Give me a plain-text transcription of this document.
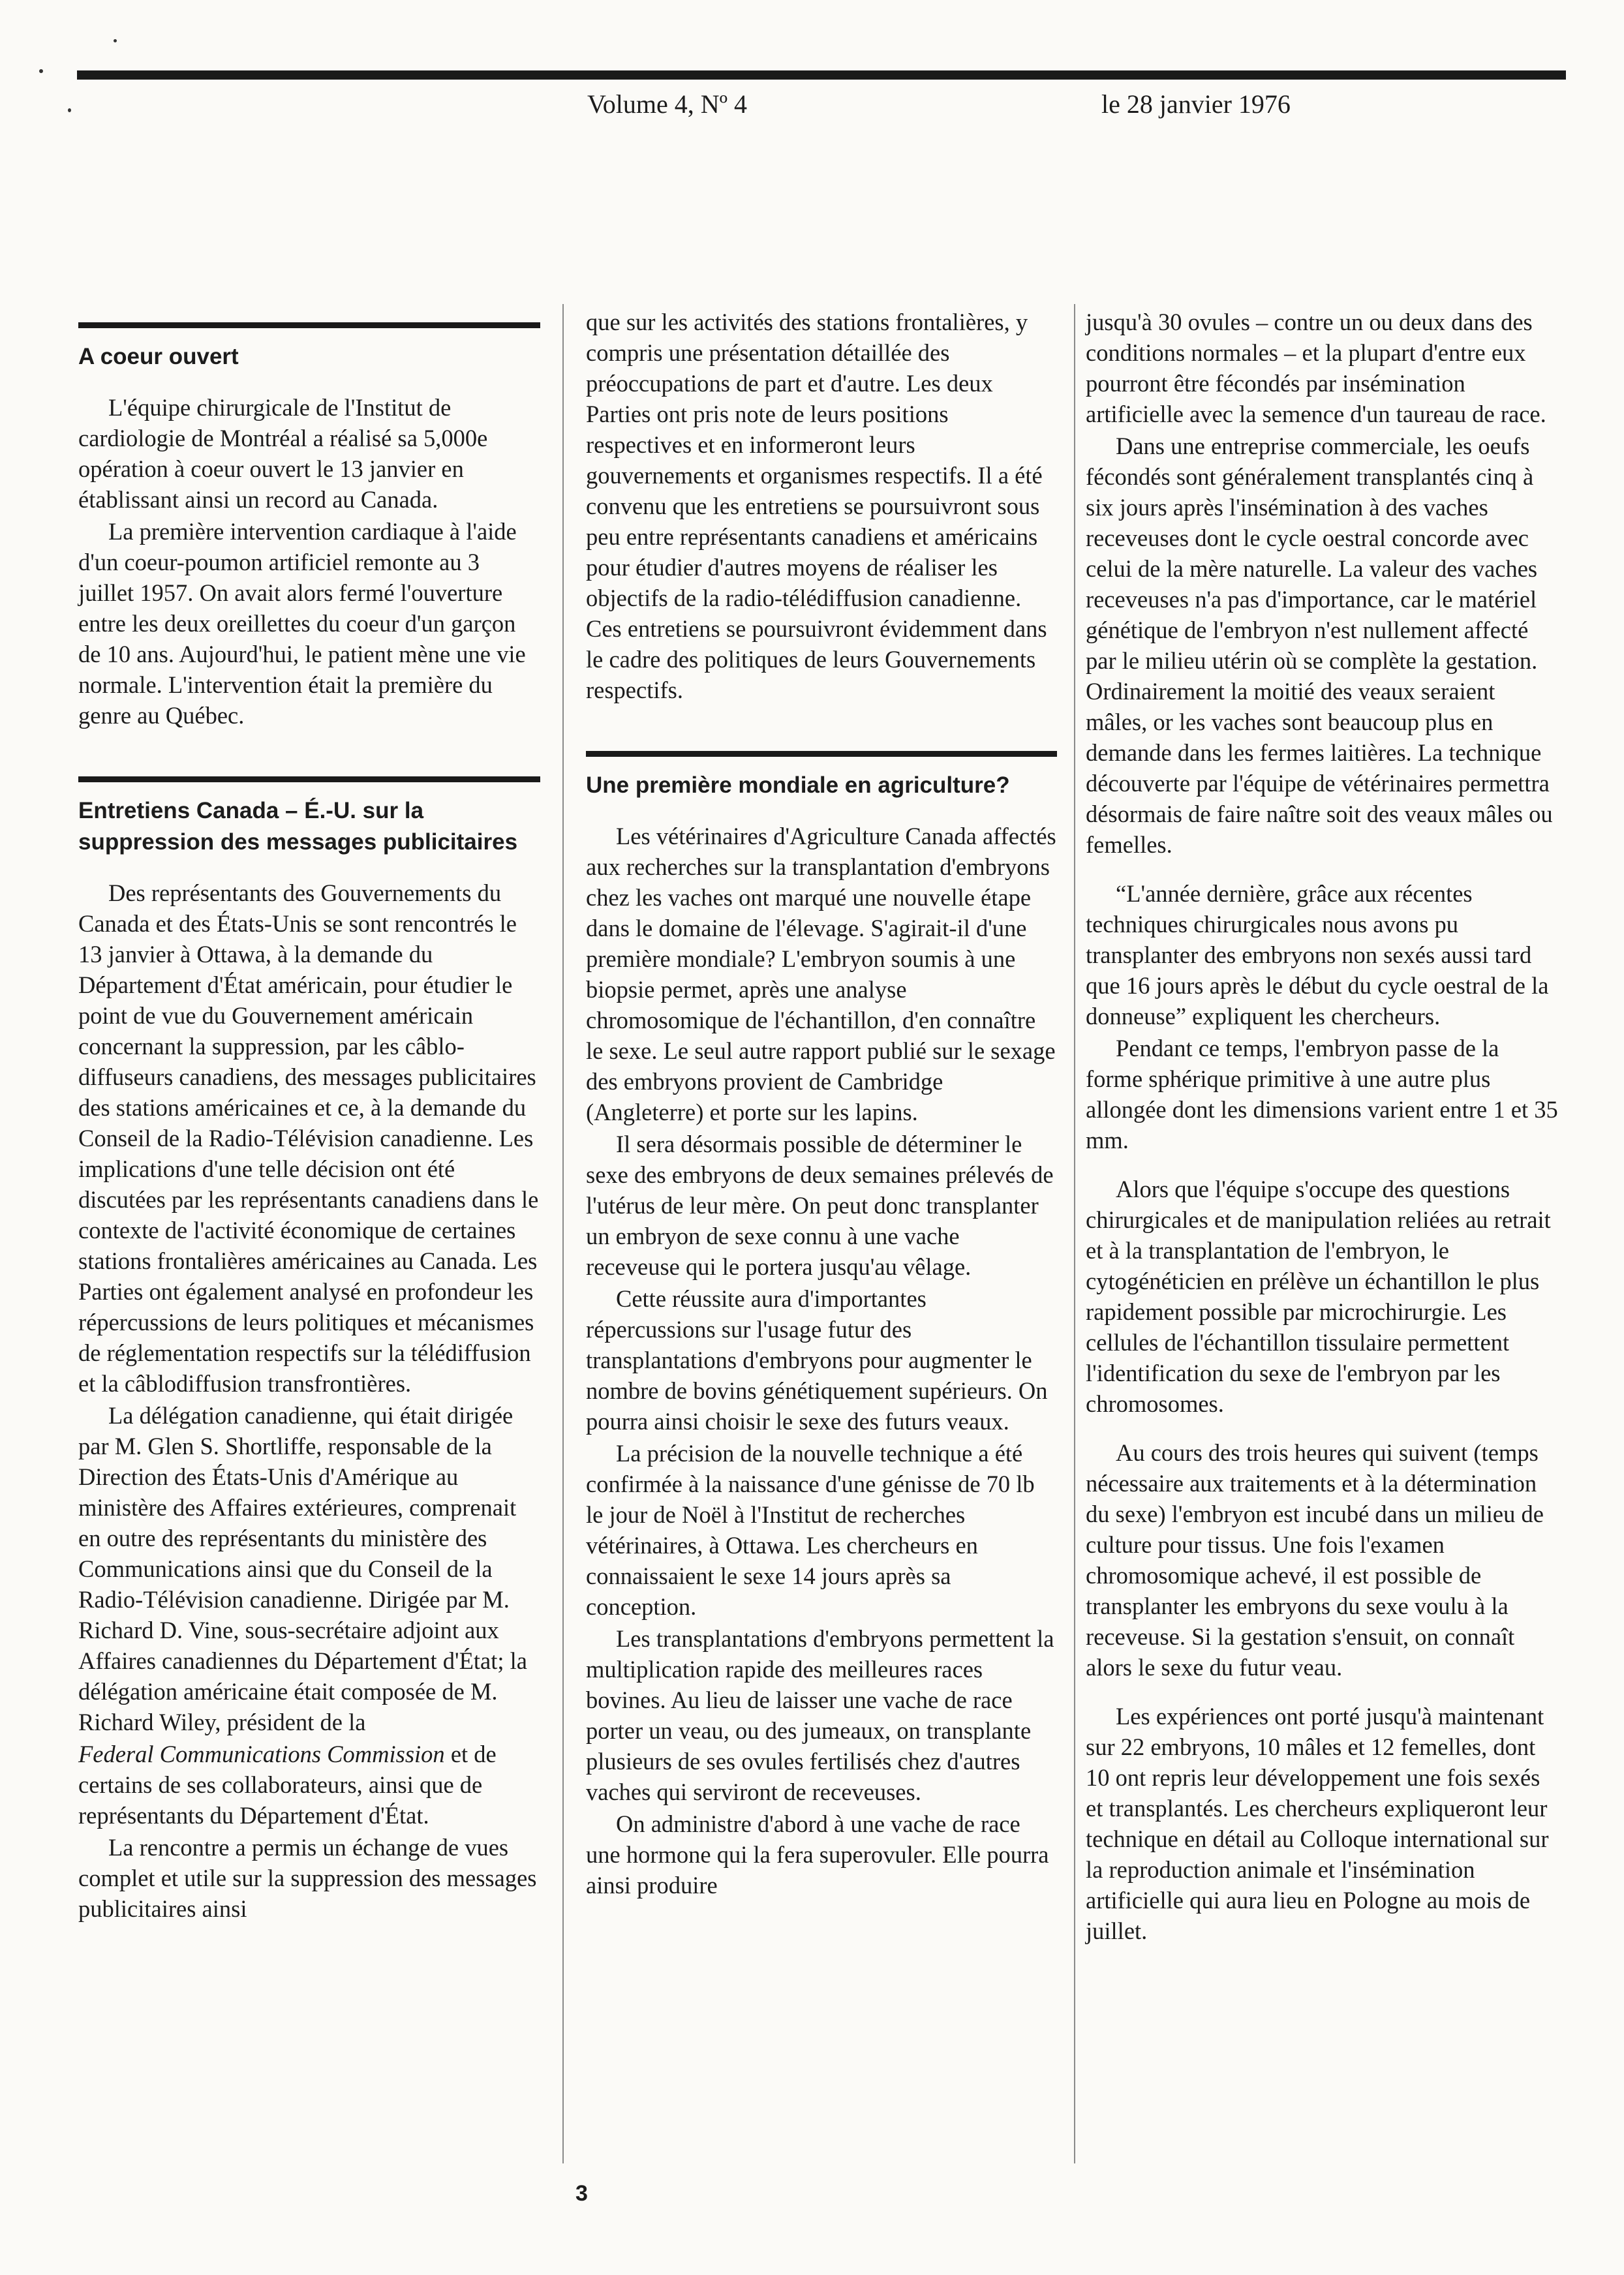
Volume 4, Nº 4	le 28 janvier 1976
A coeur ouvert

L'équipe chirurgicale de l'Institut de cardiologie de Montréal a réalisé sa 5,000e opération à coeur ouvert le 13 janvier en établissant ainsi un record au Canada.

La première intervention cardiaque à l'aide d'un coeur-poumon artificiel remonte au 3 juillet 1957. On avait alors fermé l'ouverture entre les deux oreillettes du coeur d'un garçon de 10 ans. Aujourd'hui, le patient mène une vie normale. L'intervention était la première du genre au Québec.

Entretiens Canada – É.-U. sur la suppression des messages publicitaires

Des représentants des Gouvernements du Canada et des États-Unis se sont rencontrés le 13 janvier à Ottawa, à la demande du Département d'État américain, pour étudier le point de vue du Gouvernement américain concernant la suppression, par les câblo-diffuseurs canadiens, des messages publicitaires des stations américaines et ce, à la demande du Conseil de la Radio-Télévision canadienne. Les implications d'une telle décision ont été discutées par les représentants canadiens dans le contexte de l'activité économique de certaines stations frontalières américaines au Canada. Les Parties ont également analysé en profondeur les répercussions de leurs politiques et mécanismes de réglementation respectifs sur la télédiffusion et la câblodiffusion transfrontières.

La délégation canadienne, qui était dirigée par M. Glen S. Shortliffe, responsable de la Direction des États-Unis d'Amérique au ministère des Affaires extérieures, comprenait en outre des représentants du ministère des Communications ainsi que du Conseil de la Radio-Télévision canadienne. Dirigée par M. Richard D. Vine, sous-secrétaire adjoint aux Affaires canadiennes du Département d'État; la délégation américaine était composée de M. Richard Wiley, président de la

Federal Communications Commission et de certains de ses collaborateurs, ainsi que de représentants du Département d'État.

La rencontre a permis un échange de vues complet et utile sur la suppression des messages publicitaires ainsi

que sur les activités des stations frontalières, y compris une présentation détaillée des préoccupations de part et d'autre. Les deux Parties ont pris note de leurs positions respectives et en informeront leurs gouvernements et organismes respectifs. Il a été convenu que les entretiens se poursuivront sous peu entre représentants canadiens et américains pour étudier d'autres moyens de réaliser les objectifs de la radio-télédiffusion canadienne. Ces entretiens se poursuivront évidemment dans le cadre des politiques de leurs Gouvernements respectifs.

Une première mondiale en agriculture?

Les vétérinaires d'Agriculture Canada affectés aux recherches sur la transplantation d'embryons chez les vaches ont marqué une nouvelle étape dans le domaine de l'élevage. S'agirait-il d'une première mondiale? L'embryon soumis à une biopsie permet, après une analyse chromosomique de l'échantillon, d'en connaître le sexe. Le seul autre rapport publié sur le sexage des embryons provient de Cambridge (Angleterre) et porte sur les lapins.

Il sera désormais possible de déterminer le sexe des embryons de deux semaines prélevés de l'utérus de leur mère. On peut donc transplanter un embryon de sexe connu à une vache receveuse qui le portera jusqu'au vêlage.

Cette réussite aura d'importantes répercussions sur l'usage futur des transplantations d'embryons pour augmenter le nombre de bovins génétiquement supérieurs. On pourra ainsi choisir le sexe des futurs veaux.

La précision de la nouvelle technique a été confirmée à la naissance d'une génisse de 70 lb le jour de Noël à l'Institut de recherches vétérinaires, à Ottawa. Les chercheurs en connaissaient le sexe 14 jours après sa conception.

Les transplantations d'embryons permettent la multiplication rapide des meilleures races bovines. Au lieu de laisser une vache de race porter un veau, ou des jumeaux, on transplante plusieurs de ses ovules fertilisés chez d'autres vaches qui serviront de receveuses.

On administre d'abord à une vache de race une hormone qui la fera superovuler. Elle pourra ainsi produire

jusqu'à 30 ovules – contre un ou deux dans des conditions normales – et la plupart d'entre eux pourront être fécondés par insémination artificielle avec la semence d'un taureau de race.

Dans une entreprise commerciale, les oeufs fécondés sont généralement transplantés cinq à six jours après l'insémination à des vaches receveuses dont le cycle oestral concorde avec celui de la mère naturelle. La valeur des vaches receveuses n'a pas d'importance, car le matériel génétique de l'embryon n'est nullement affecté par le milieu utérin où se complète la gestation. Ordinairement la moitié des veaux seraient mâles, or les vaches sont beaucoup plus en demande dans les fermes laitières. La technique découverte par l'équipe de vétérinaires permettra désormais de faire naître soit des veaux mâles ou femelles.

“L'année dernière, grâce aux récentes techniques chirurgicales nous avons pu transplanter des embryons non sexés aussi tard que 16 jours après le début du cycle oestral de la donneuse” expliquent les chercheurs.

Pendant ce temps, l'embryon passe de la forme sphérique primitive à une autre plus allongée dont les dimensions varient entre 1 et 35 mm.

Alors que l'équipe s'occupe des questions chirurgicales et de manipulation reliées au retrait et à la transplantation de l'embryon, le cytogénéticien en prélève un échantillon le plus rapidement possible par microchirurgie. Les cellules de l'échantillon tissulaire permettent l'identification du sexe de l'embryon par les chromosomes.

Au cours des trois heures qui suivent (temps nécessaire aux traitements et à la détermination du sexe) l'embryon est incubé dans un milieu de culture pour tissus. Une fois l'examen chromosomique achevé, il est possible de transplanter les embryons du sexe voulu à la receveuse. Si la gestation s'ensuit, on connaît alors le sexe du futur veau.

Les expériences ont porté jusqu'à maintenant sur 22 embryons, 10 mâles et 12 femelles, dont 10 ont repris leur développement une fois sexés et transplantés. Les chercheurs expliqueront leur technique en détail au Colloque international sur la reproduction animale et l'insémination artificielle qui aura lieu en Pologne au mois de juillet.

3
